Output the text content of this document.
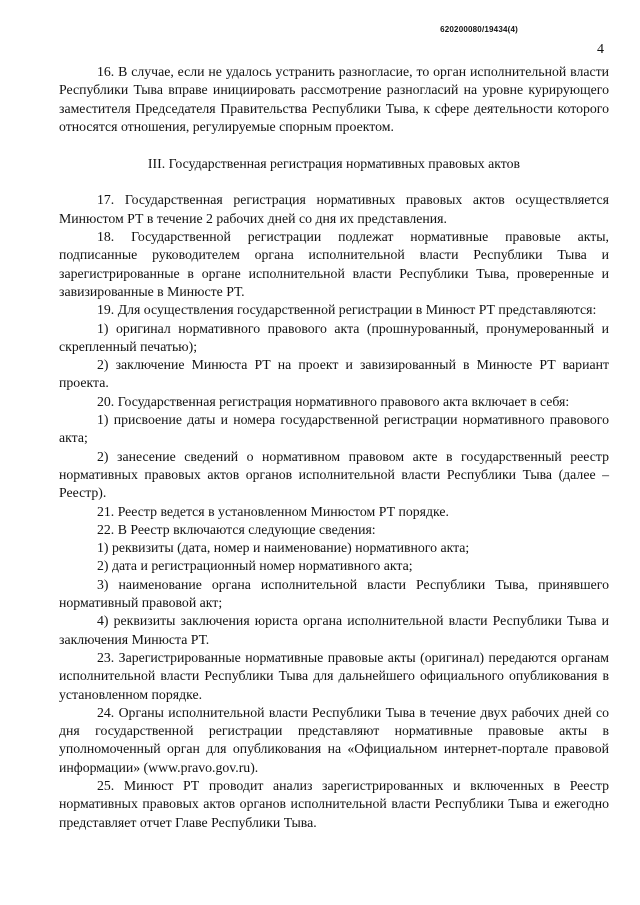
620200080/19434(4)
4

16. В случае, если не удалось устранить разногласие, то орган исполнительной власти Республики Тыва вправе инициировать рассмотрение разногласий на уровне курирующего заместителя Председателя Правительства Республики Тыва, к сфере деятельности которого относятся отношения, регулируемые спорным проектом.

III. Государственная регистрация нормативных правовых актов

17. Государственная регистрация нормативных правовых актов осуществляется Минюстом РТ в течение 2 рабочих дней со дня их представления.

18. Государственной регистрации подлежат нормативные правовые акты, подписанные руководителем органа исполнительной власти Республики Тыва и зарегистрированные в органе исполнительной власти Республики Тыва, проверенные и завизированные в Минюсте РТ.

19. Для осуществления государственной регистрации в Минюст РТ представляются:

1) оригинал нормативного правового акта (прошнурованный, пронумерованный и скрепленный печатью);

2) заключение Минюста РТ на проект и завизированный в Минюсте РТ вариант проекта.

20. Государственная регистрация нормативного правового акта включает в себя:

1) присвоение даты и номера государственной регистрации нормативного правового акта;

2) занесение сведений о нормативном правовом акте в государственный реестр нормативных правовых актов органов исполнительной власти Республики Тыва (далее – Реестр).

21. Реестр ведется в установленном Минюстом РТ порядке.

22. В Реестр включаются следующие сведения:

1) реквизиты (дата, номер и наименование) нормативного акта;

2) дата и регистрационный номер нормативного акта;

3) наименование органа исполнительной власти Республики Тыва, принявшего нормативный правовой акт;

4) реквизиты заключения юриста органа исполнительной власти Республики Тыва и заключения Минюста РТ.

23. Зарегистрированные нормативные правовые акты (оригинал) передаются органам исполнительной власти Республики Тыва для дальнейшего официального опубликования в установленном порядке.

24. Органы исполнительной власти Республики Тыва в течение двух рабочих дней со дня государственной регистрации представляют нормативные правовые акты в уполномоченный орган для опубликования на «Официальном интернет-портале правовой информации» (www.pravo.gov.ru).

25. Минюст РТ проводит анализ зарегистрированных и включенных в Реестр нормативных правовых актов органов исполнительной власти Республики Тыва и ежегодно представляет отчет Главе Республики Тыва.
